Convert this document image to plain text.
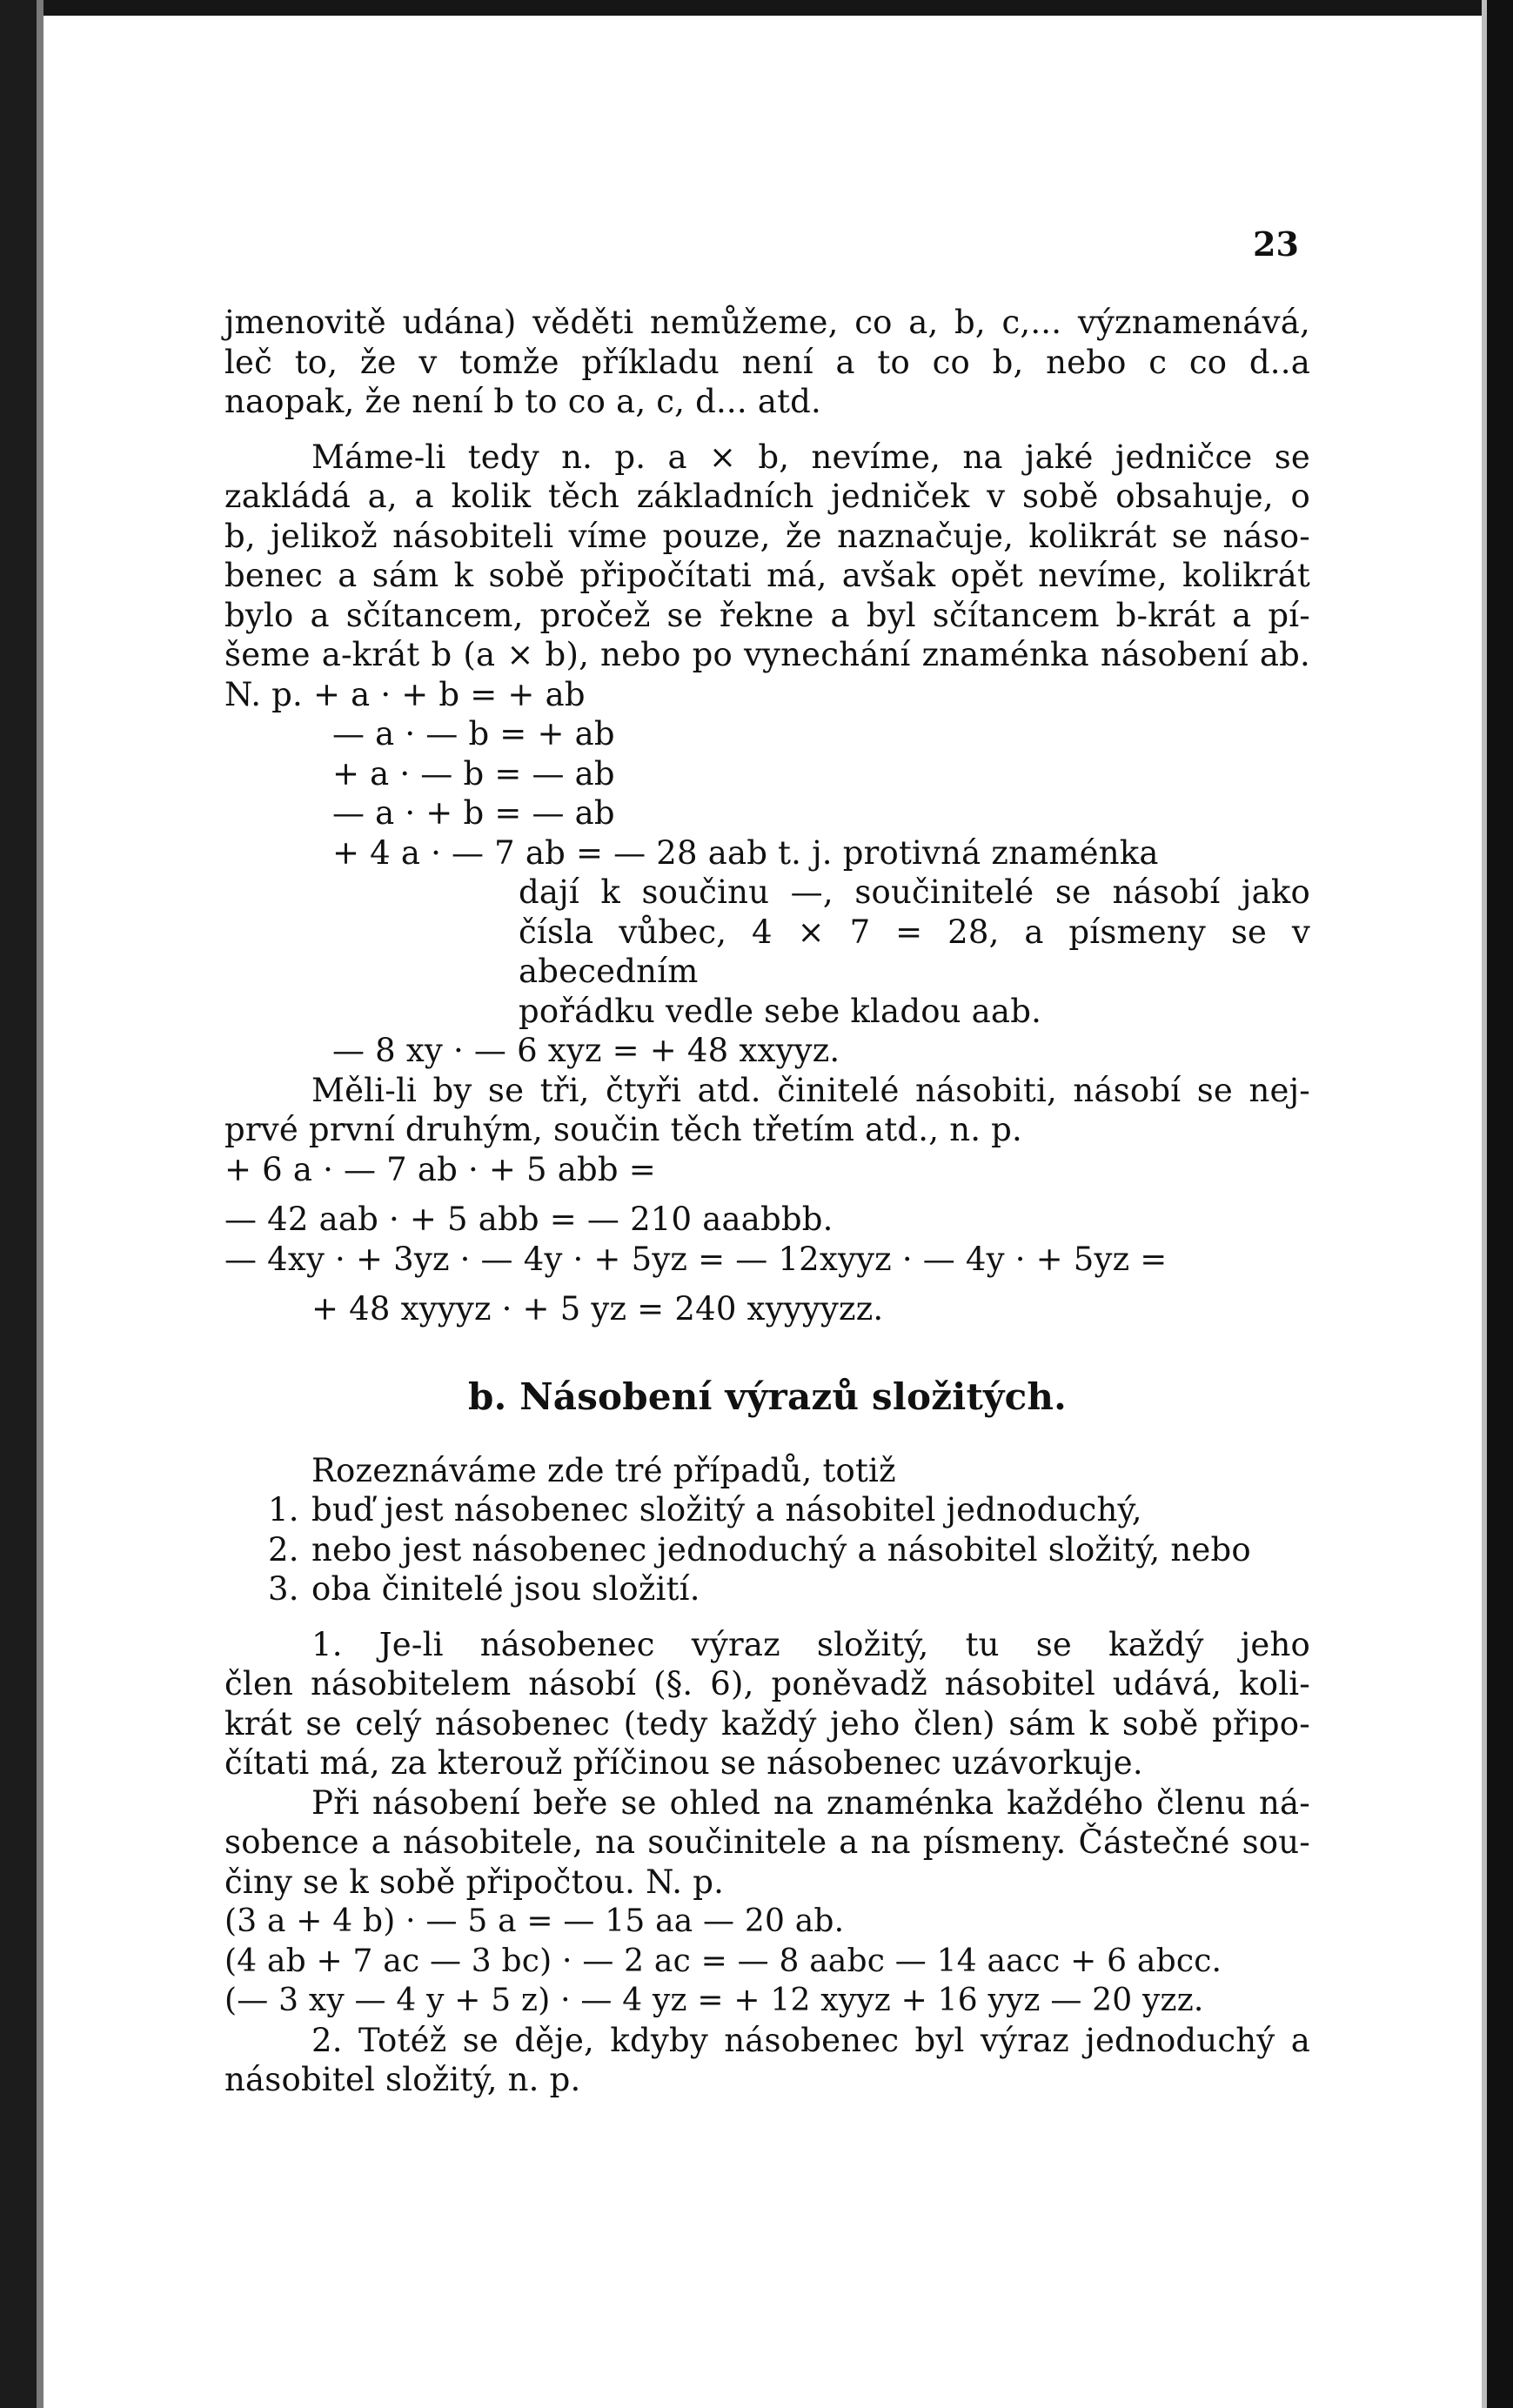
23

jmenovitě udána) věděti nemůžeme, co a, b, c,... významenává,

leč to, že v tomže příkladu není a to co b, nebo c co d..a

naopak, že není b to co a, c, d... atd.

Máme-li tedy n. p. a × b, nevíme, na jaké jedničce se

zakládá a, a kolik těch základních jedniček v sobě obsahuje, o

b, jelikož násobiteli víme pouze, že naznačuje, kolikrát se náso-

benec a sám k sobě připočítati má, avšak opět nevíme, kolikrát

bylo a sčítancem, pročež se řekne a byl sčítancem b-krát a pí-

šeme a-krát b (a × b), nebo po vynechání znaménka násobení ab.

N. p. + a · + b = + ab

— a · — b = + ab

+ a · — b = — ab

— a · + b = — ab

+ 4 a · — 7 ab = — 28 aab t. j. protivná znaménka

dají k součinu —, součinitelé se násobí jako

čísla vůbec, 4 × 7 = 28, a písmeny se v abecedním

pořádku vedle sebe kladou aab.

— 8 xy · — 6 xyz = + 48 xxyyz.

Měli-li by se tři, čtyři atd. činitelé násobiti, násobí se nej-

prvé první druhým, součin těch třetím atd., n. p.

+ 6 a · — 7 ab · + 5 abb =

— 42 aab · + 5 abb = — 210 aaabbb.

— 4xy · + 3yz · — 4y · + 5yz = — 12xyyz · — 4y · + 5yz =

+ 48 xyyyz · + 5 yz = 240 xyyyyzz.

b. Násobení výrazů složitých.

Rozeznáváme zde tré případů, totiž

1. buď jest násobenec složitý a násobitel jednoduchý,

2. nebo jest násobenec jednoduchý a násobitel složitý, nebo

3. oba činitelé jsou složití.

1. Je-li násobenec výraz složitý, tu se každý jeho

člen násobitelem násobí (§. 6), poněvadž násobitel udává, koli-

krát se celý násobenec (tedy každý jeho člen) sám k sobě připo-

čítati má, za kterouž příčinou se násobenec uzávorkuje.

Při násobení beře se ohled na znaménka každého členu ná-

sobence a násobitele, na součinitele a na písmeny. Částečné sou-

činy se k sobě připočtou. N. p.

(3 a + 4 b) · — 5 a = — 15 aa — 20 ab.

(4 ab + 7 ac — 3 bc) · — 2 ac = — 8 aabc — 14 aacc + 6 abcc.

(— 3 xy — 4 y + 5 z) · — 4 yz = + 12 xyyz + 16 yyz — 20 yzz.

2. Totéž se děje, kdyby násobenec byl výraz jednoduchý a

násobitel složitý, n. p.
